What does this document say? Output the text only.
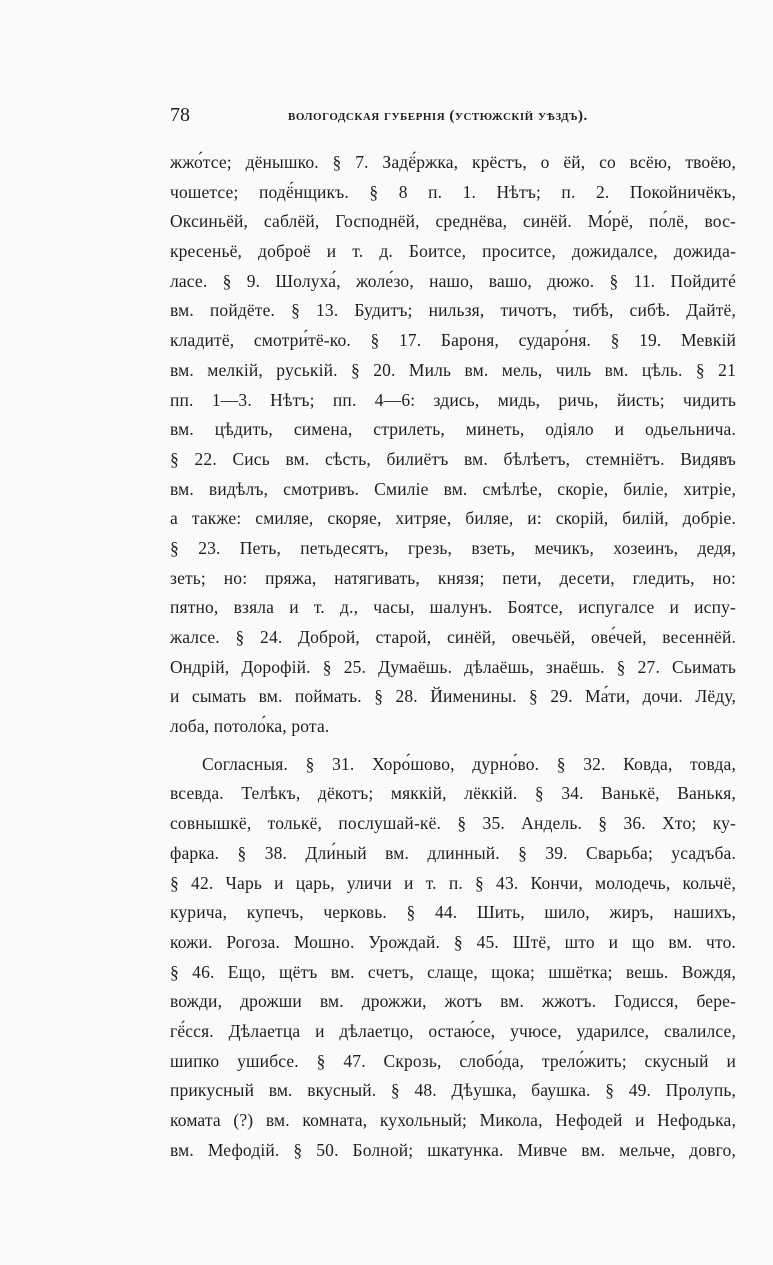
78	вологодская губернія (устюжскій уѣздъ).
жжо́тсе; дёнышко. § 7. Задё́ржка, крёстъ, о ёй, со всёю, твоёю,
чошетсе; подё́нщикъ. § 8 п. 1. Нѣтъ; п. 2. Покойничёкъ,
Оксиньёй, саблёй, Господнёй, среднёва, синёй. Мо́рё, по́лё, вос-
кресеньё, доброё и т. д. Боитсе, проситсе, дожидалсе, дожида-
ласе. § 9. Шолуха́, жоле́зо, нашо, вашо, дюжо. § 11. Пойдитé
вм. пойдёте. § 13. Будитъ; нильзя, тичотъ, тибѣ, сибѣ. Дайтё,
кладитё, смотри́тё-ко. § 17. Бароня, сударо́ня. § 19. Мевкій
вм. мелкій, руській. § 20. Миль вм. мель, чиль вм. цѣль. § 21
пп. 1—3. Нѣтъ; пп. 4—6: здись, мидь, ричь, йисть; чидить
вм. цѣдить, симена, стрилеть, минеть, одіяло и одьельнича.
§ 22. Сись вм. сѣсть, билиётъ вм. бѣлѣетъ, стемніётъ. Видявъ
вм. видѣлъ, смотривъ. Смиліе вм. смѣлѣе, скоріе, биліе, хитріе,
а также: смиляе, скоряе, хитряе, биляе, и: скорій, билій, добріе.
§ 23. Петь, петьдесятъ, грезь, взеть, мечикъ, хозеинъ, дедя,
зеть; но: пряжа, натягивать, князя; пети, десети, гледить, но:
пятно, взяла и т. д., часы, шалунъ. Боятсе, испугалсе и испу-
жалсе. § 24. Доброй, старой, синёй, овечьёй, ове́чей, весеннёй.
Ондрій, Дорофій. § 25. Думаёшь. дѣлаёшь, знаёшь. § 27. Сьимать
и сымать вм. поймать. § 28. Йименины. § 29. Ма́ти, дочи. Лёду,
лоба, потоло́ка, рота.
Согласныя. § 31. Хоро́шово, дурно́во. § 32. Ковда, товда,
всевда. Телѣкъ, дёкотъ; мяккій, лёккій. § 34. Ванькё, Ванькя,
совнышкё, толькё, послушай-кё. § 35. Андель. § 36. Хто; ку-
фарка. § 38. Дли́ный вм. длинный. § 39. Сварьба; усадъба.
§ 42. Чарь и царь, уличи и т. п. § 43. Кончи, молодечь, кольчё,
курича, купечъ, черковь. § 44. Шить, шило, жиръ, нашихъ,
кожи. Рогоза. Мошно. Урождай. § 45. Штё, што и що вм. что.
§ 46. Ещо, щётъ вм. счетъ, слаще, щока; шшётка; вешь. Вождя,
вожди, дрожши вм. дрожжи, жотъ вм. жжотъ. Годисся, бере-
гё́сся. Дѣлаетца и дѣлаетцо, остаю́се, учюсе, ударилсе, свалилсе,
шипко ушибсе. § 47. Скрозь, слобо́да, трело́жить; скусный и
прикусный вм. вкусный. § 48. Дѣушка, баушка. § 49. Пролупь,
комата (?) вм. комната, кухольный; Микола, Нефодей и Нефодька,
вм. Мефодій. § 50. Болной; шкатунка. Мивче вм. мельче, довго,
